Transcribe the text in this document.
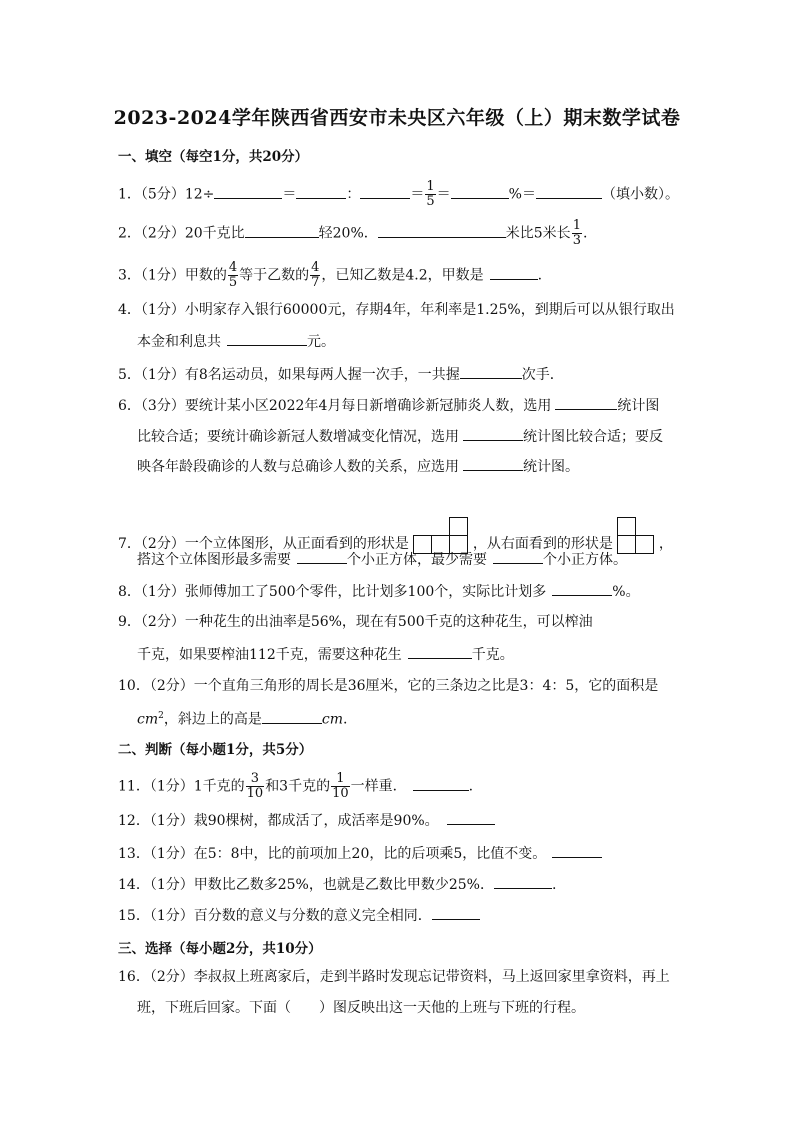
2023-2024学年陕西省西安市未央区六年级（上）期末数学试卷
一、填空（每空1分，共20分）
1．（5分）12÷	＝	：	＝ $\frac{1}{5}$ ＝	%＝	（填小数）。
2．（2分）20千克比	轻20%．	米比5米长 $\frac{1}{3}$ .
3．（1分）甲数的 $\frac{4}{5}$ 等于乙数的 $\frac{4}{7}$ ，已知乙数是4.2，甲数是	.
4．（1分）小明家存入银行60000元，存期4年，年利率是1.25%，到期后可以从银行取出
本金和利息共	元。
5．（1分）有8名运动员，如果每两人握一次手，一共握	次手．
6．（3分）要统计某小区2022年4月每日新增确诊新冠肺炎人数，选用	统计图
比较合适；要统计确诊新冠人数增减变化情况，选用	统计图比较合适；要反
映各年龄段确诊的人数与总确诊人数的关系，应选用	统计图。
7．（2分）一个立体图形，从正面看到的形状是	，从右面看到的形状是	，
搭这个立体图形最多需要	个小正方体，最少需要	个小正方体。
8．（1分）张师傅加工了500个零件，比计划多100个，实际比计划多	%。
9．（2分）一种花生的出油率是56%，现在有500千克的这种花生，可以榨油
千克，如果要榨油112千克，需要这种花生	千克。
10．（2分）一个直角三角形的周长是36厘米，它的三条边之比是3：4：5，它的面积是
$cm^2$，斜边上的高是	cm.
二、判断（每小题1分，共5分）
11．（1分）1千克的 $\frac{3}{10}$ 和3千克的 $\frac{1}{10}$ 一样重．	.
12．（1分）栽90棵树，都成活了，成活率是90%。
13．（1分）在5：8中，比的前项加上20，比的后项乘5，比值不变。
14．（1分）甲数比乙数多25%，也就是乙数比甲数少25%．	.
15．（1分）百分数的意义与分数的意义完全相同．
三、选择（每小题2分，共10分）
16．（2分）李叔叔上班离家后，走到半路时发现忘记带资料，马上返回家里拿资料，再上
班，下班后回家。下面（　　）图反映出这一天他的上班与下班的行程。
